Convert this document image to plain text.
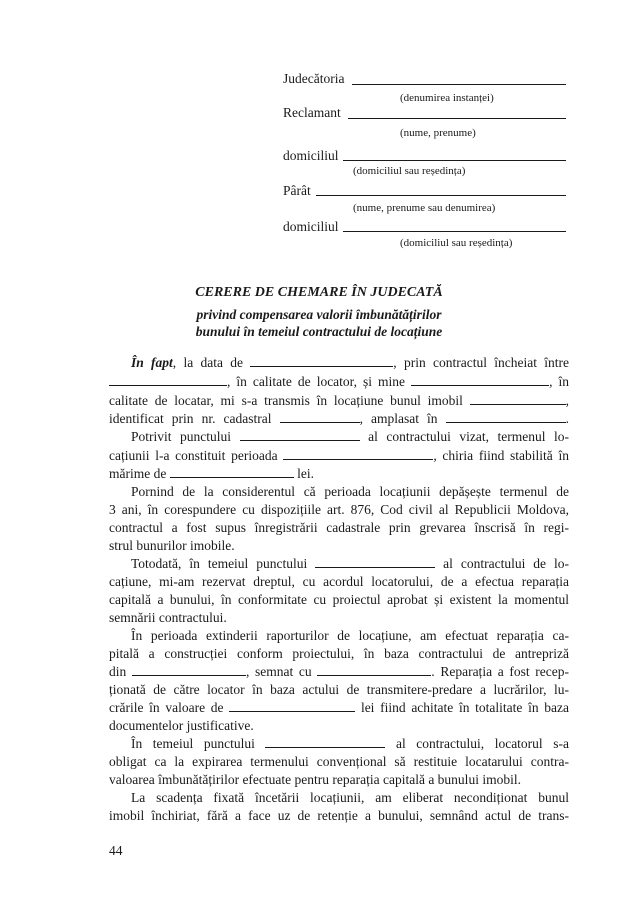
Judecătoria
(denumirea instanței)
Reclamant
(nume, prenume)
domiciliul
(domiciliul sau reședința)
Pârât
(nume, prenume sau denumirea)
domiciliul
(domiciliul sau reședința)
CERERE DE CHEMARE ÎN JUDECATĂ
privind compensarea valorii îmbunătățirilor
bunului în temeiul contractului de locațiune
În fapt, la data de	, prin contractul încheiat între
, în calitate de locator, și mine	, în
calitate de locatar, mi s-a transmis în locațiune bunul imobil	,
identificat prin nr. cadastral	, amplasat în	.
Potrivit punctului	al contractului vizat, termenul lo-
cațiunii l-a constituit perioada	, chiria fiind stabilită în
mărime de	lei.
Pornind de la considerentul că perioada locațiunii depășește termenul de
3 ani, în corespundere cu dispozițiile art. 876, Cod civil al Republicii Moldova,
contractul a fost supus înregistrării cadastrale prin grevarea înscrisă în regi-
strul bunurilor imobile.
Totodată, în temeiul punctului	al contractului de lo-
cațiune, mi-am rezervat dreptul, cu acordul locatorului, de a efectua reparația
capitală a bunului, în conformitate cu proiectul aprobat și existent la momentul
semnării contractului.
În perioada extinderii raporturilor de locațiune, am efectuat reparația ca-
pitală a construcției conform proiectului, în baza contractului de antrepriză
din	, semnat cu	. Reparația a fost recep-
ționată de către locator în baza actului de transmitere-predare a lucrărilor, lu-
crările în valoare de	lei fiind achitate în totalitate în baza
documentelor justificative.
În temeiul punctului	al contractului, locatorul s-a
obligat ca la expirarea termenului convențional să restituie locatarului contra-
valoarea îmbunătățirilor efectuate pentru reparația capitală a bunului imobil.
La scadența fixată încetării locațiunii, am eliberat necondiționat bunul
imobil închiriat, fără a face uz de retenție a bunului, semnând actul de trans-
44
